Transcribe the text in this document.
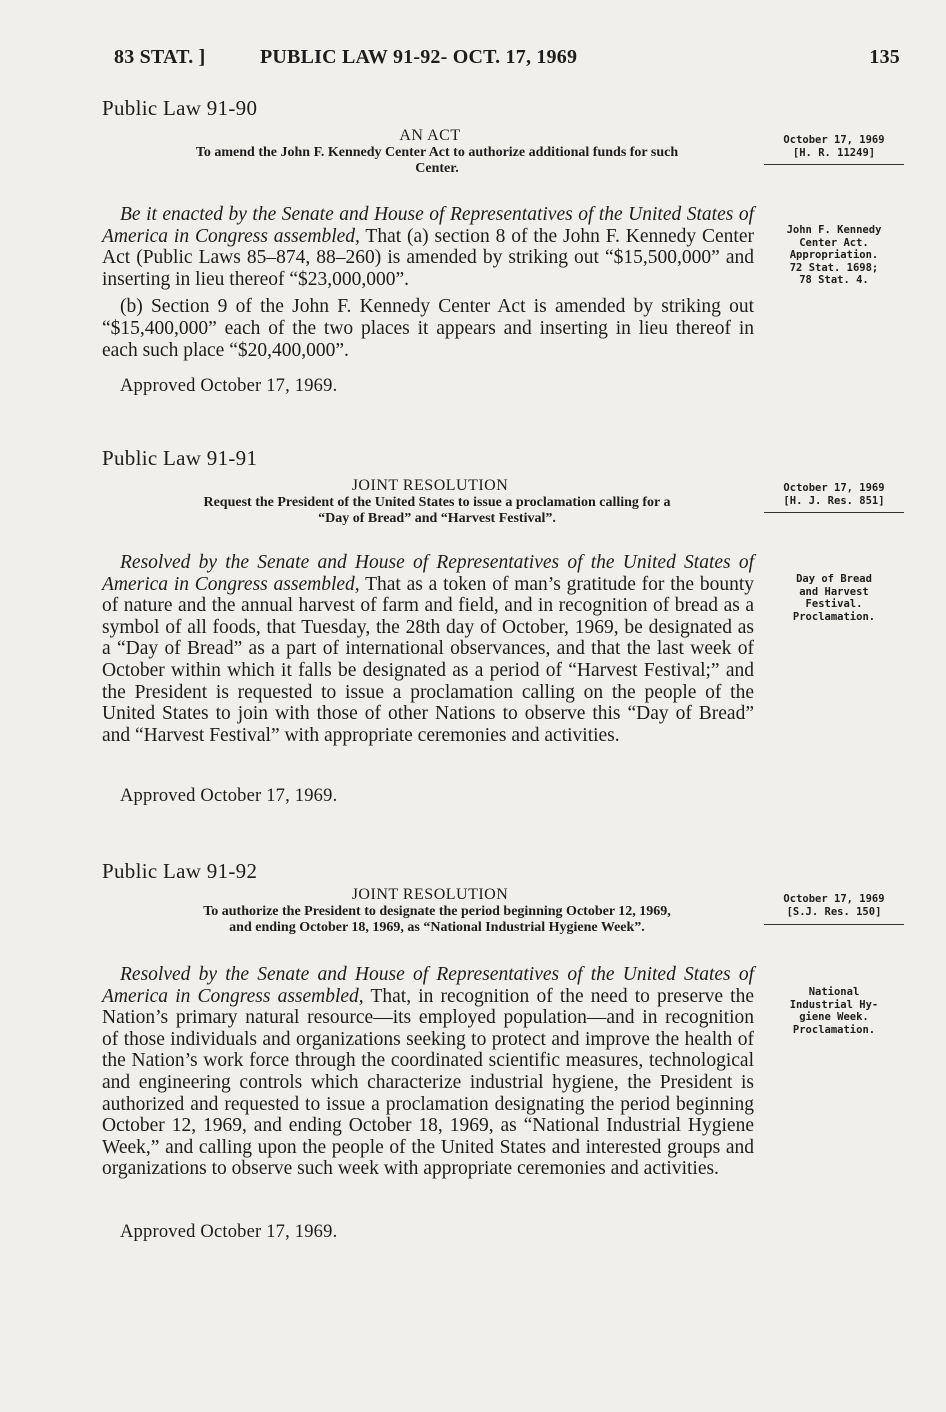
83 STAT. ]	PUBLIC LAW 91-92- OCT. 17, 1969	135
Public Law 91-90
AN ACT
To amend the John F. Kennedy Center Act to authorize additional funds for such
Center.
October 17, 1969
[H. R. 11249]
Be it enacted by the Senate and House of Representatives of the United States of America in Congress assembled, That (a) section 8 of the John F. Kennedy Center Act (Public Laws 85–874, 88–260) is amended by striking out “$15,500,000” and inserting in lieu thereof “$23,000,000”.
(b) Section 9 of the John F. Kennedy Center Act is amended by striking out “$15,400,000” each of the two places it appears and inserting in lieu thereof in each such place “$20,400,000”.
John F. Kennedy
Center Act.
Appropriation.
72 Stat. 1698;
78 Stat. 4.
Approved October 17, 1969.
Public Law 91-91
JOINT RESOLUTION
Request the President of the United States to issue a proclamation calling for a
“Day of Bread” and “Harvest Festival”.
October 17, 1969
[H. J. Res. 851]
Resolved by the Senate and House of Representatives of the United States of America in Congress assembled, That as a token of man’s gratitude for the bounty of nature and the annual harvest of farm and field, and in recognition of bread as a symbol of all foods, that Tuesday, the 28th day of October, 1969, be designated as a “Day of Bread” as a part of international observances, and that the last week of October within which it falls be designated as a period of “Harvest Festival;” and the President is requested to issue a proclamation calling on the people of the United States to join with those of other Nations to observe this “Day of Bread” and “Harvest Festival” with appropriate ceremonies and activities.
Day of Bread
and Harvest
Festival.
Proclamation.
Approved October 17, 1969.
Public Law 91-92
JOINT RESOLUTION
To authorize the President to designate the period beginning October 12, 1969,
and ending October 18, 1969, as “National Industrial Hygiene Week”.
October 17, 1969
[S.J. Res. 150]
Resolved by the Senate and House of Representatives of the United States of America in Congress assembled, That, in recognition of the need to preserve the Nation’s primary natural resource—its employed population—and in recognition of those individuals and organizations seeking to protect and improve the health of the Nation’s work force through the coordinated scientific measures, technological and engineering controls which characterize industrial hygiene, the President is authorized and requested to issue a proclamation designating the period beginning October 12, 1969, and ending October 18, 1969, as “National Industrial Hygiene Week,” and calling upon the people of the United States and interested groups and organizations to observe such week with appropriate ceremonies and activities.
National
Industrial Hy-
giene Week.
Proclamation.
Approved October 17, 1969.
